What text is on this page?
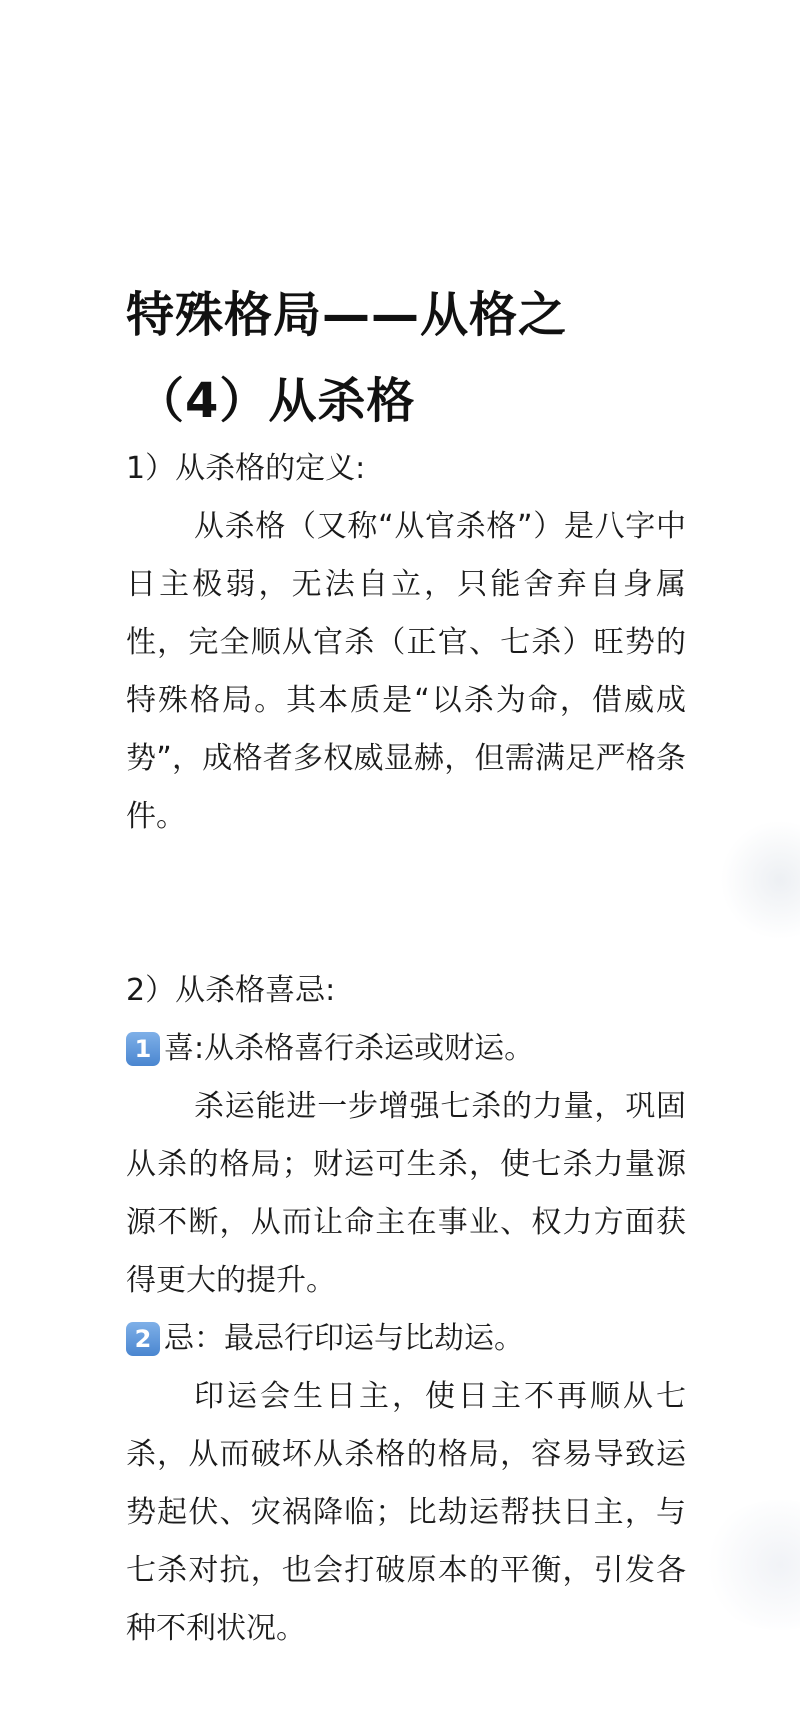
特殊格局——从格之
（4）从杀格

1）从杀格的定义:

从杀格（又称“从官杀格”）是八字中日主极弱，无法自立，只能舍弃自身属性，完全顺从官杀（正官、七杀）旺势的特殊格局。其本质是“以杀为命，借威成势”，成格者多权威显赫，但需满足严格条件。

2）从杀格喜忌:

1 喜:从杀格喜行杀运或财运。

杀运能进一步增强七杀的力量，巩固从杀的格局；财运可生杀，使七杀力量源源不断，从而让命主在事业、权力方面获得更大的提升。

2 忌：最忌行印运与比劫运。

印运会生日主，使日主不再顺从七杀，从而破坏从杀格的格局，容易导致运势起伏、灾祸降临；比劫运帮扶日主，与七杀对抗，也会打破原本的平衡，引发各种不利状况。
